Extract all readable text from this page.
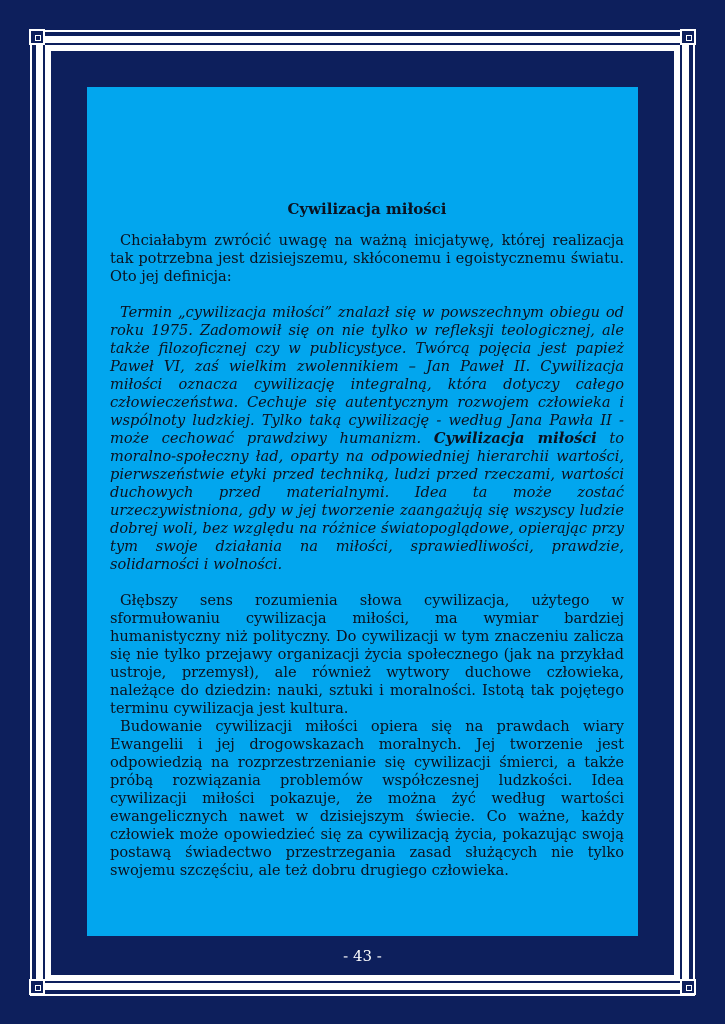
Cywilizacja miłości

Chciałabym zwrócić uwagę na ważną inicjatywę, której realizacja tak potrzebna jest dzisiejszemu, skłóconemu i egoistycznemu światu. Oto jej definicja:

Termin „cywilizacja miłości” znalazł się w powszechnym obiegu od roku 1975. Zadomowił się on nie tylko w refleksji teologicznej, ale także filozoficznej czy w publicystyce. Twórcą pojęcia jest papież Paweł VI, zaś wielkim zwolennikiem – Jan Paweł II. Cywilizacja miłości oznacza cywilizację integralną, która dotyczy całego człowieczeństwa. Cechuje się autentycznym rozwojem człowieka i wspólnoty ludzkiej. Tylko taką cywilizację - według Jana Pawła II - może cechować prawdziwy humanizm. Cywilizacja miłości to moralno-społeczny ład, oparty na odpowiedniej hierarchii wartości, pierwszeństwie etyki przed techniką, ludzi przed rzeczami, wartości duchowych przed materialnymi. Idea ta może zostać urzeczywistniona, gdy w jej tworzenie zaangażują się wszyscy ludzie dobrej woli, bez względu na różnice światopoglądowe, opierając przy tym swoje działania na miłości, sprawiedliwości, prawdzie, solidarności i wolności.

Głębszy sens rozumienia słowa cywilizacja, użytego w sformułowaniu cywilizacja miłości, ma wymiar bardziej humanistyczny niż polityczny. Do cywilizacji w tym znaczeniu zalicza się nie tylko przejawy organizacji życia społecznego (jak na przykład ustroje, przemysł), ale również wytwory duchowe człowieka, należące do dziedzin: nauki, sztuki i moralności. Istotą tak pojętego terminu cywilizacja jest kultura.

Budowanie cywilizacji miłości opiera się na prawdach wiary Ewangelii i jej drogowskazach moralnych. Jej tworzenie jest odpowiedzią na rozprzestrzenianie się cywilizacji śmierci, a także próbą rozwiązania problemów współczesnej ludzkości. Idea cywilizacji miłości pokazuje, że można żyć według wartości ewangelicznych nawet w dzisiejszym świecie. Co ważne, każdy człowiek może opowiedzieć się za cywilizacją życia, pokazując swoją postawą świadectwo przestrzegania zasad służących nie tylko swojemu szczęściu, ale też dobru drugiego człowieka.

- 43 -
